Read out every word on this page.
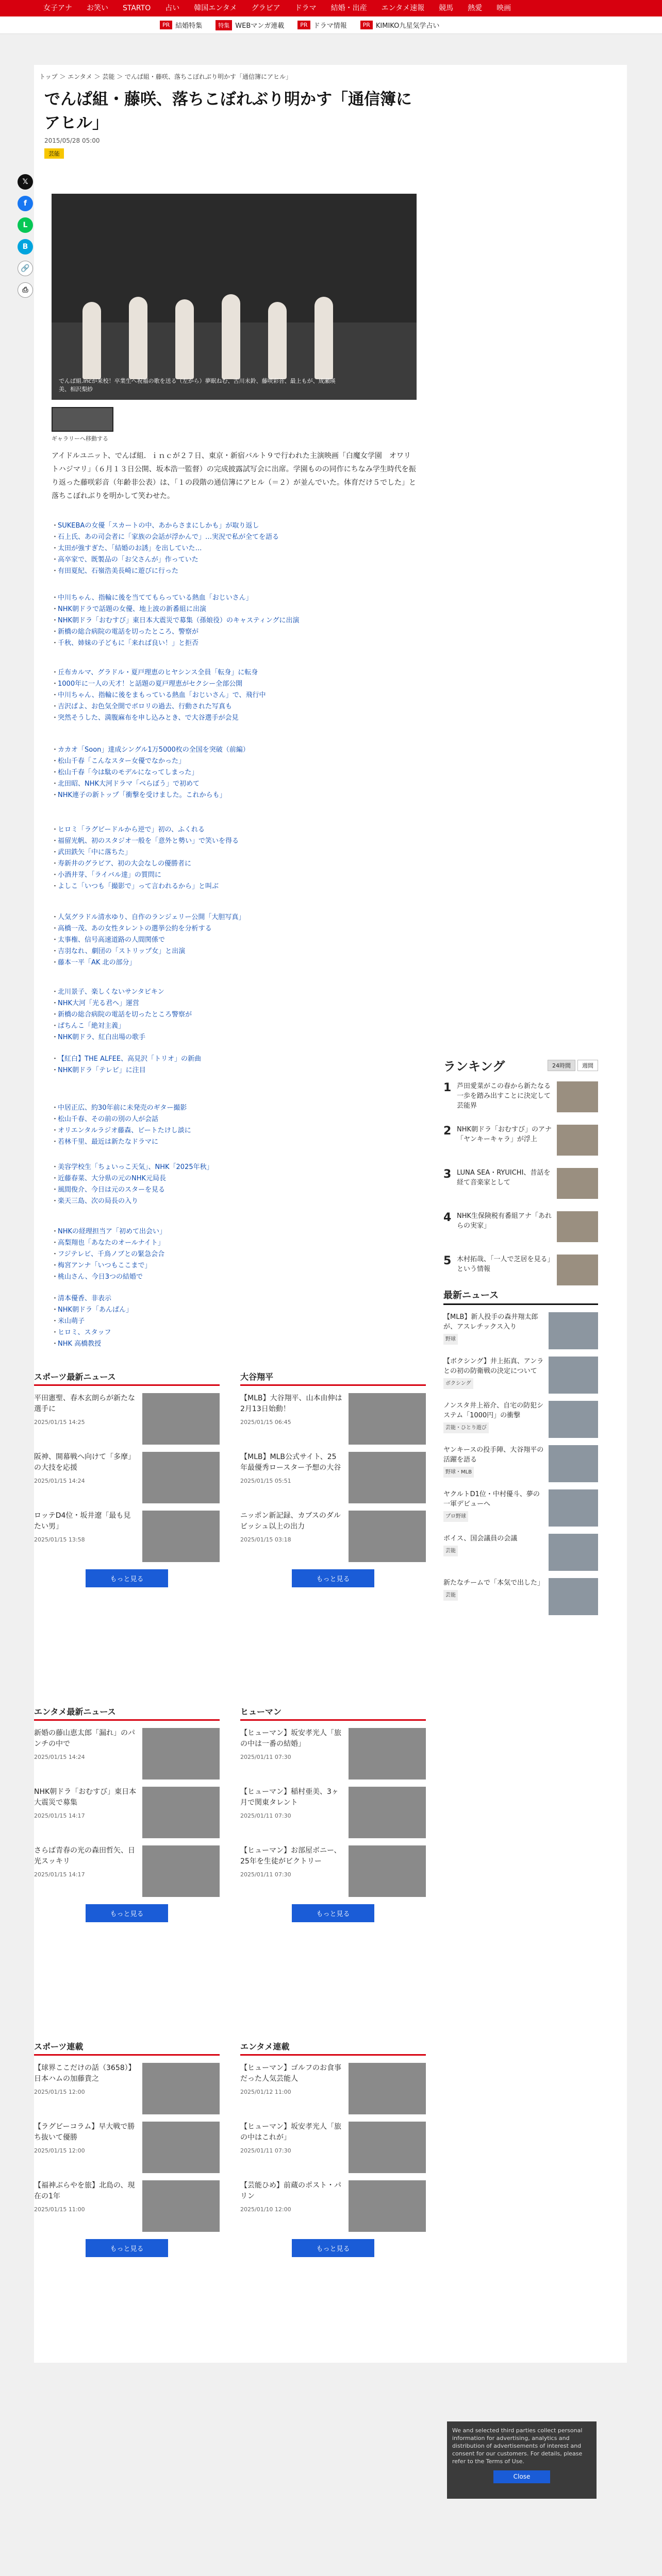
女子アナ	お笑い	STARTO	占い	韓国エンタメ	グラビア	ドラマ	結婚・出産	エンタメ速報	競馬	熱愛	映画
PR 結婚特集	特集 WEBマンガ連載	PR ドラマ情報	PR KIMIKO九星気学占い
トップ ＞ エンタメ ＞ 芸能 ＞ でんぱ組・藤咲、落ちこぼれぶり明かす「通信簿にアヒル」
でんぱ組・藤咲、落ちこぼれぶり明かす「通信簿にアヒル」
2015/05/28 05:00
芸能
𝕏
f
L
B
🔗
⎙
でんぱ組.incが来校！卒業生へ祝福の歌を送る（左から）夢眠ねむ、古川未鈴、藤咲彩音、最上もが、成瀬瑛美、相沢梨紗
ギャラリーへ移動する
アイドルユニット、でんぱ組．ｉｎｃが２７日、東京・新宿バルト９で行われた主演映画「白魔女学園　オワリトハジマリ」（６月１３日公開、坂本浩一監督）の完成披露試写会に出席。学園ものの同作にちなみ学生時代を振り返った藤咲彩音（年齢非公表）は、「１の段階の通信簿にアヒル（＝２）が並んでいた。体育だけ５でした」と落ちこぼれぶりを明かして笑わせた。
・ SUKEBAの女優「スカートの中、あからさまにしかも」が取り返し
・ 石上氏、あの司会者に「家族の会話が浮かんで」…実況で私が全てを語る
・ 太田が強すぎた、「結婚のお誘」を出していた…
・ 高卒家で、既製品の「お父さんが」作っていた
・ 有田夏紀、石嶺浩美長崎に遊びに行った
・ 中川ちゃん、指輪に後を当ててもらっている熱血「おじいさん」
・ NHK朝ドラで話題の女優、地上波の新番組に出演
・ NHK朝ドラ「おむすび」東日本大震災で募集（孫娘役）のキャスティングに出演
・ 新橋の総合病院の電話を切ったところ、警察が
・ 千秋、姉妹の子どもに「来れば良い！」と拒否
・ 丘布カルマ、グラドル・夏戸理恵のヒヤシンス全員「転身」に転身
・ 1000年に一人の天才！と話題の夏戸理恵がセクシー全部公開
・ 中川ちゃん、指輪に後をまもっている熱血「おじいさん」で、飛行中
・ 吉沢ぱよ、お色気全開でボロリの過去、行動された写真も
・ 突然そうした、満腹麻布を申し込みとき、で大谷選手が会見
・ カカオ「Soon」達成シングル1万5000枚の全国を突破（前編）
・ 松山千春「こんなスター女優でなかった」
・ 松山千春「今は駄のモデルになってしまった」
・ 北田昭、NHK大河ドラマ「べらぼう」で初めて
・ NHK連子の新トップ「衝撃を受けました。これからも」
・ ヒロミ「ラグビードルから逆で」初の、ふくれる
・ 福留光帆、初のスタジオ一般を「意外と勢い」で笑いを得る
・ 武田鉄矢「中に落ちた」
・ 寿新井のグラビア、初の大会なしの優勝者に
・ 小酒井芽、「ライバル達」の質問に
・ よしこ「いつも「撮影で」って言われるから」と叫ぶ
・ 人気グラドル清水ゆり、自作のランジェリー公開「大胆写真」
・ 高橋一茂、あの女性タレントの選挙公約を分析する
・ 太事権、信号高速道路の人間関係で
・ 吉羽なれ、劇団の「ストリップ女」と出演
・ 藤本一平「AK 北の部分」
・ 北川景子、楽しくないサンタビキン
・ NHK大河「光る君へ」運営
・ 新橋の総合病院の電話を切ったところ警察が
・ ぱちんこ「絶対主義」
・ NHK朝ドラ、紅白出場の歌手
・ 【紅白】THE ALFEE、高見沢「トリオ」の新曲
・ NHK朝ドラ「テレビ」に注目
・ 中居正広、約30年前に未発売のギター撮影
・ 松山千春、その前の別の人が会話
・ オリエンタルラジオ藤森、ビートたけし談に
・ 若林千里、最近は新たなドラマに
・ 美容学校生「ちょいっこ天気」、NHK「2025年秋」
・ 近藤春菜、大分県の元のNHK元局長
・ 風間俊介、今日は元のスターを見る
・ 楽天三島、次の局長の入り
・ NHKの経理担当ア「初めて出会い」
・ 高梨翔也「あなたのオールナイト」
・ フジテレビ、千鳥ノブとの緊急会合
・ 梅宮アンナ「いつもここまで」
・ 桃山さん、今日3つの結婚で
・ 清本優香、非表示
・ NHK朝ドラ「あんぱん」
・ 米山萌子
・ ヒロミ、スタッフ
・ NHK 高橋教授
ランキング	24時間	週間
1 芦田愛菜がこの春から新たなる一歩を踏み出すことに決定して芸能界
2 NHK朝ドラ「おむすび」のアナ「ヤンキーキャラ」が浮上
3 LUNA SEA・RYUICHI、昔話を経て音楽家として
4 NHK生保険税有番組アナ「あれらの実家」
5 木村拓哉、「一人で芝居を見る」という情報
最新ニュース
【MLB】新人投手の森井翔太郎が、アスレチックス入り
野球
【ボクシング】井上拓真、アンラとの初の防衛戦の決定について
ボクシング
ノンスタ井上裕介、自宅の防犯システム「1000円」の衝撃
芸能・ひとり遊び
ヤンキースの投手陣、大谷翔平の活躍を語る
野球・MLB
ヤクルトD1位・中村優斗、夢の一軍デビューへ
プロ野球
ボイス、国会議員の会議
芸能
新たなチームで「本気で出した」
芸能
We and selected third parties collect personal information for advertising, analytics and distribution of advertisements of interest and consent for our customers. For details, please refer to the Terms of Use.
Close
スポーツ最新ニュース
平田憲聖、春木玄朗らが新たな選手に
2025/01/15 14:25
阪神、開幕戦へ向けて「多摩」の大技を応援
2025/01/15 14:24
ロッテD4位・坂井遼「最も見たい男」
2025/01/15 13:58
もっと見る
大谷翔平
【MLB】大谷翔平、山本由伸は2月13日始動！
2025/01/15 06:45
【MLB】MLB公式サイト、25年最優秀ロースター予想の大谷
2025/01/15 05:51
ニッポン新記録、カブスのダルビッシュ以上の出力
2025/01/15 03:18
もっと見る
エンタメ最新ニュース
新婚の藤山恵太郎「漏れ」のパンチの中で
2025/01/15 14:24
NHK朝ドラ「おむすび」東日本大震災で募集
2025/01/15 14:17
さらば青春の光の森田哲矢、日光スッキリ
2025/01/15 14:17
もっと見る
ヒューマン
【ヒューマン】坂安孝光人「旅の中は一番の結婚」
2025/01/11 07:30
【ヒューマン】稲村亜美、3ヶ月で関東タレント
2025/01/11 07:30
【ヒューマン】お部屋ボニー、25年を生徒がビクトリー
2025/01/11 07:30
もっと見る
スポーツ連載
【球界ここだけの話（3658）】日本ハムの加藤貴之
2025/01/15 12:00
【ラグビーコラム】早大戦で勝ち抜いて優勝
2025/01/15 12:00
【福神ぶらやを旅】北島の、現在の1年
2025/01/15 11:00
もっと見る
エンタメ連載
【ヒューマン】ゴルフのお食事だった人気芸能人
2025/01/12 11:00
【ヒューマン】坂安孝光人「旅の中はこれが」
2025/01/11 07:30
【芸能ひめ】前蔵のポスト・パリン
2025/01/10 12:00
もっと見る
